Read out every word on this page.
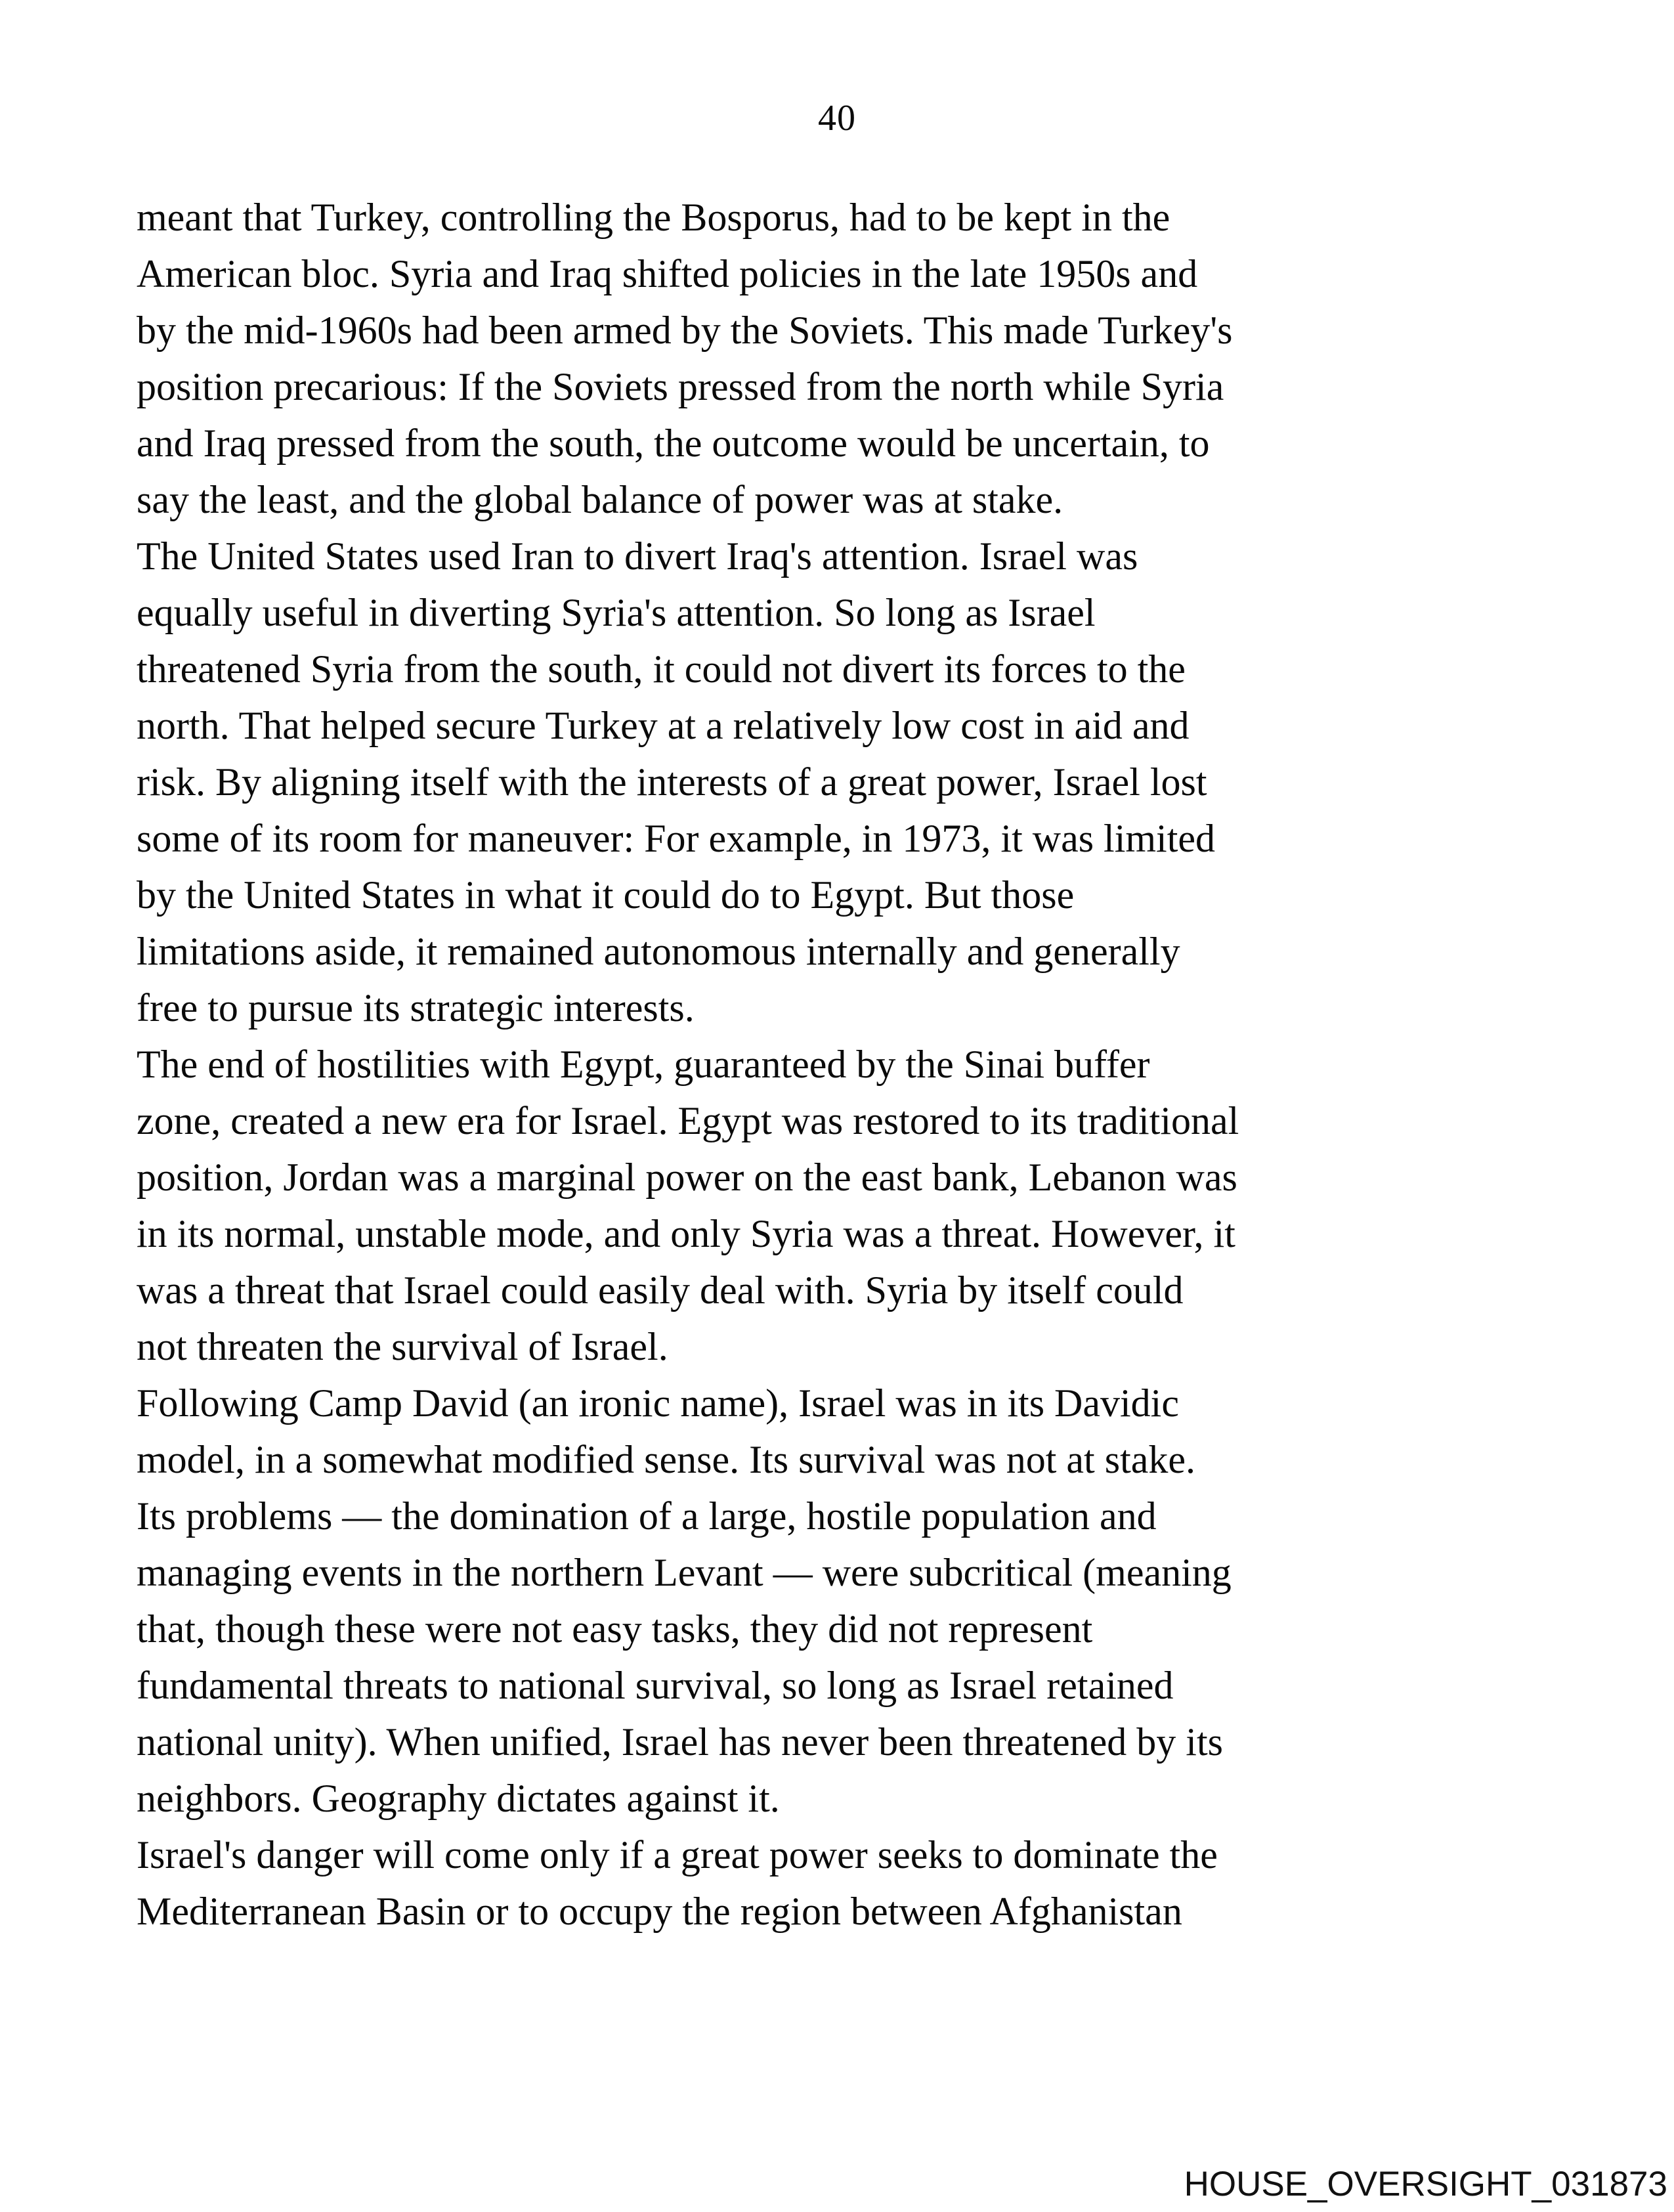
40
meant that Turkey, controlling the Bosporus, had to be kept in the
American bloc. Syria and Iraq shifted policies in the late 1950s and
by the mid-1960s had been armed by the Soviets. This made Turkey's
position precarious: If the Soviets pressed from the north while Syria
and Iraq pressed from the south, the outcome would be uncertain, to
say the least, and the global balance of power was at stake.
The United States used Iran to divert Iraq's attention. Israel was
equally useful in diverting Syria's attention. So long as Israel
threatened Syria from the south, it could not divert its forces to the
north. That helped secure Turkey at a relatively low cost in aid and
risk. By aligning itself with the interests of a great power, Israel lost
some of its room for maneuver: For example, in 1973, it was limited
by the United States in what it could do to Egypt. But those
limitations aside, it remained autonomous internally and generally
free to pursue its strategic interests.
The end of hostilities with Egypt, guaranteed by the Sinai buffer
zone, created a new era for Israel. Egypt was restored to its traditional
position, Jordan was a marginal power on the east bank, Lebanon was
in its normal, unstable mode, and only Syria was a threat. However, it
was a threat that Israel could easily deal with. Syria by itself could
not threaten the survival of Israel.
Following Camp David (an ironic name), Israel was in its Davidic
model, in a somewhat modified sense. Its survival was not at stake.
Its problems — the domination of a large, hostile population and
managing events in the northern Levant — were subcritical (meaning
that, though these were not easy tasks, they did not represent
fundamental threats to national survival, so long as Israel retained
national unity). When unified, Israel has never been threatened by its
neighbors. Geography dictates against it.
Israel's danger will come only if a great power seeks to dominate the
Mediterranean Basin or to occupy the region between Afghanistan
HOUSE_OVERSIGHT_031873
